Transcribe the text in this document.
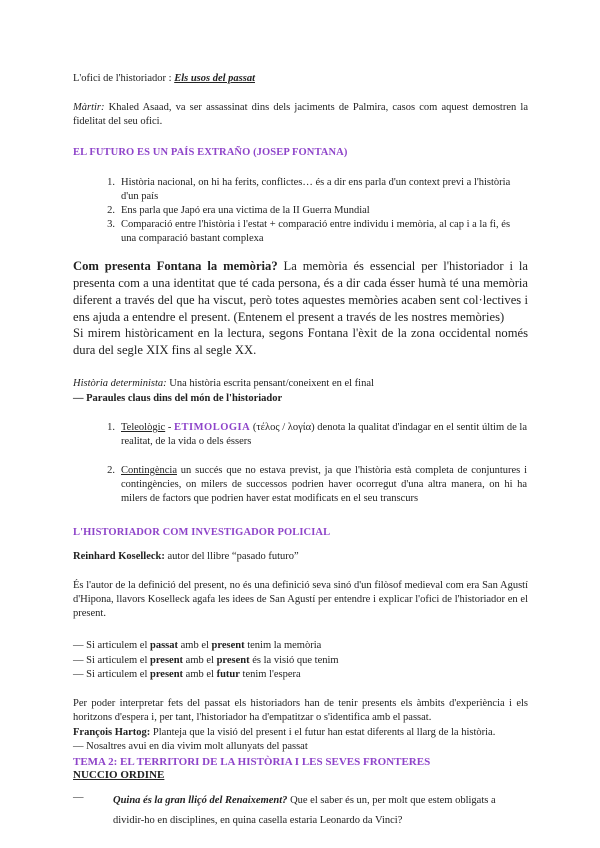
L'ofici de l'historiador : Els usos del passat

Màrtir: Khaled Asaad, va ser assassinat dins dels jaciments de Palmira, casos com aquest demostren la fidelitat del seu ofici.

EL FUTURO ES UN PAÍS EXTRAÑO (JOSEP FONTANA)

1. Història nacional, on hi ha ferits, conflictes… és a dir ens parla d'un context previ a l'història d'un país

2. Ens parla que Japó era una victima de la II Guerra Mundial

3. Comparació entre l'història i l'estat + comparació entre individu i memòria, al cap i a la fi, és una comparació bastant complexa

Com presenta Fontana la memòria? La memòria és essencial per l'historiador i la presenta com a una identitat que té cada persona, és a dir cada ésser humà té una memòria diferent a través del que ha viscut, però totes aquestes memòries acaben sent col·lectives i ens ajuda a entendre el present. (Entenem el present a través de les nostres memòries)

Si mirem històricament en la lectura, segons Fontana l'èxit de la zona occidental només dura del segle XIX fins al segle XX.

Història determinista: Una història escrita pensant/coneixent en el final

— Paraules claus dins del món de l'historiador

1. Teleològic - ETIMOLOGIA (τέλος / λογία) denota la qualitat d'indagar en el sentit últim de la realitat, de la vida o dels éssers

2. Contingència un succés que no estava previst, ja que l'història està completa de conjuntures i contingències, on milers de successos podrien haver ocorregut d'una altra manera, on hi ha milers de factors que podrien haver estat modificats en el seu transcurs

L'HISTORIADOR COM INVESTIGADOR POLICIAL

Reinhard Koselleck: autor del llibre “pasado futuro”

És l'autor de la definició del present, no és una definició seva sinó d'un filòsof medieval com era San Agustí d'Hipona, llavors Koselleck agafa les idees de San Agustí per entendre i explicar l'ofici de l'historiador en el present.

— Si articulem el passat amb el present tenim la memòria

— Si articulem el present amb el present és la visió que tenim

— Si articulem el present amb el futur tenim l'espera

Per poder interpretar fets del passat els historiadors han de tenir presents els àmbits d'experiència i els horitzons d'espera i, per tant, l'historiador ha d'empatitzar o s'identifica amb el passat.

François Hartog: Planteja que la visió del present i el futur han estat diferents al llarg de la història.

— Nosaltres avui en dia vivim molt allunyats del passat

TEMA 2: EL TERRITORI DE LA HISTÒRIA I LES SEVES FRONTERES

NUCCIO ORDINE

—	Quina és la gran lliçó del Renaixement? Que el saber és un, per molt que estem obligats a dividir-ho en disciplines, en quina casella estaria Leonardo da Vinci?
